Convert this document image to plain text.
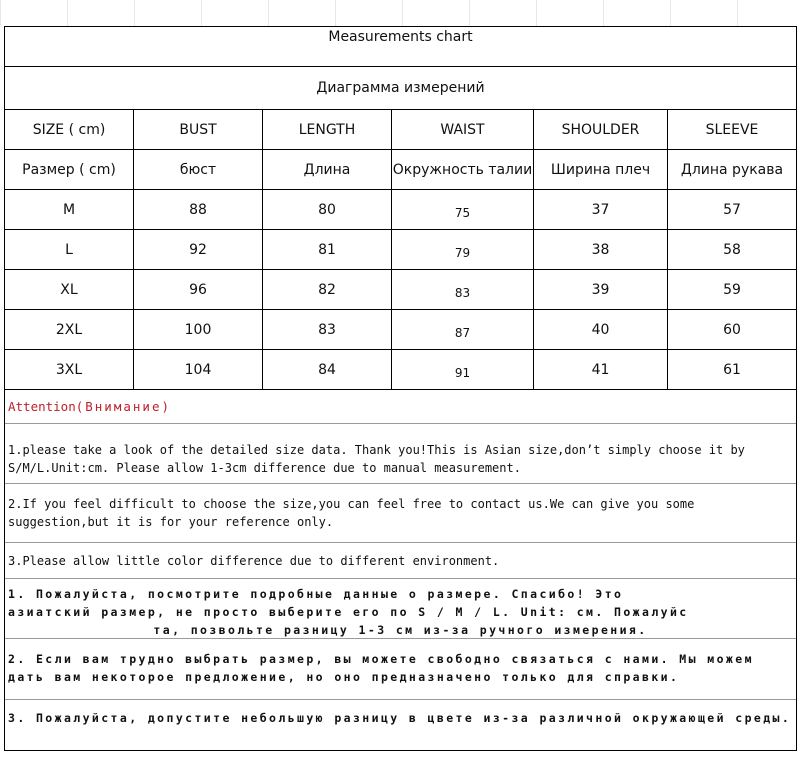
Measurements chart
Диаграмма измерений
SIZE ( cm)	BUST	LENGTH	WAIST	SHOULDER	SLEEVE
Размер ( cm)	бюст	Длина	Окружность талии	Ширина плеч	Длина рукава
M	88	80	75	37	57
L	92	81	79	38	58
XL	96	82	83	39	59
2XL	100	83	87	40	60
3XL	104	84	91	41	61
Attention(Внимание)
1.please take a look of the detailed size data. Thank you!This is Asian size,don’t simply choose it by S/M/L.Unit:cm. Please allow 1-3cm difference due to manual measurement.
2.If you feel difficult to choose the size,you can feel free to contact us.We can give you some suggestion,but it is for your reference only.
3.Please allow little color difference due to different environment.
1. Пожалуйста, посмотрите подробные данные о размере. Спасибо! Это
азиатский размер, не просто выберите его по S / M / L. Unit: см. Пожалуйс

та, позвольте разницу 1-3 см из-за ручного измерения.
2. Если вам трудно выбрать размер, вы можете свободно связаться с нами. Мы можем дать вам некоторое предложение, но оно предназначено только для справки.
3. Пожалуйста, допустите небольшую разницу в цвете из-за различной окружающей среды.
